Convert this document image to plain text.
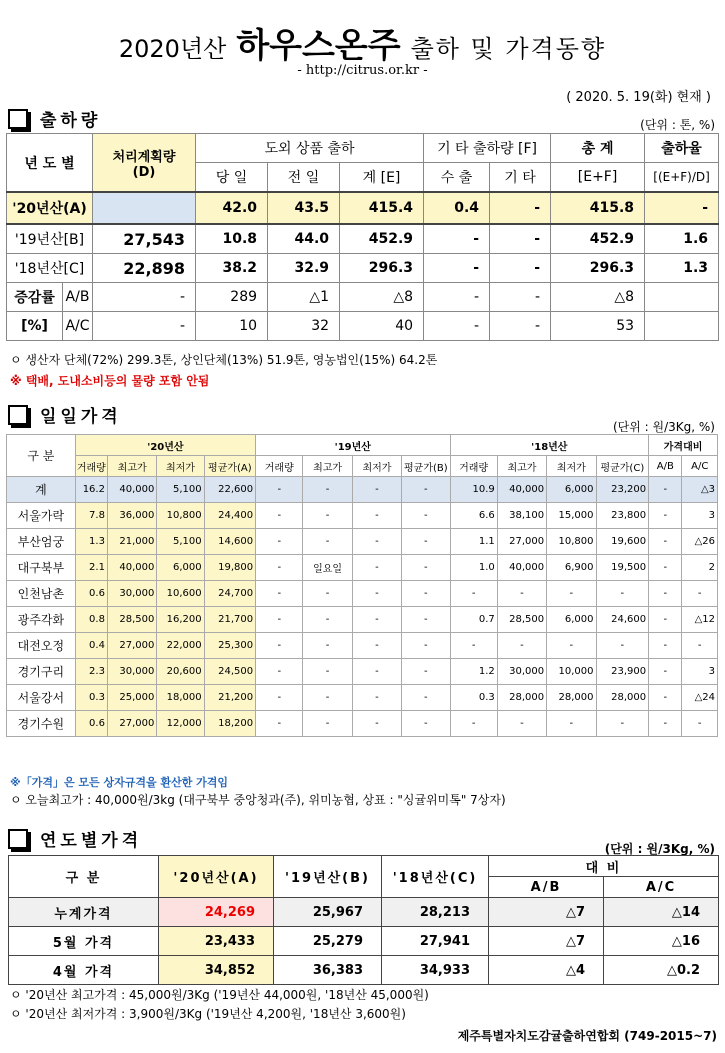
2020년산 하우스온주 출하 및 가격동향
- http://citrus.or.kr -
( 2020. 5. 19(화) 현재 )
출하량	(단위 : 톤, %)
년 도 별		처리계획량
(D)	도외 상품 출하			기 타 출하량 [F]		총 계	출하율
			당 일	전 일	계 [E]	수 출	기 타	[E+F]	[(E+F)/D]
'20년산(A)			42.0	43.5	415.4	0.4	-	415.8	-
'19년산[B]		27,543	10.8	44.0	452.9	-	-	452.9	1.6
'18년산[C]		22,898	38.2	32.9	296.3	-	-	296.3	1.3
증감률	A/B	-	289	△1	△8	-	-	△8	
[%]	A/C	-	10	32	40	-	-	53	
ㅇ 생산자 단체(72%) 299.3톤, 상인단체(13%) 51.9톤, 영농법인(15%) 64.2톤
※ 택배, 도내소비등의 물량 포함 안됨
일일가격	(단위 : 원/3Kg, %)
구 분	'20년산				'19년산				'18년산				가격대비	
	거래량	최고가	최저가	평균가(A)	거래량	최고가	최저가	평균가(B)	거래량	최고가	최저가	평균가(C)	A/B	A/C
계	16.2	40,000	5,100	22,600	-	-	-	-	10.9	40,000	6,000	23,200	-	△3
서울가락	7.8	36,000	10,800	24,400	-	-	-	-	6.6	38,100	15,000	23,800	-	3
부산엄궁	1.3	21,000	5,100	14,600	-	-	-	-	1.1	27,000	10,800	19,600	-	△26
대구북부	2.1	40,000	6,000	19,800	-	일요일	-	-	1.0	40,000	6,900	19,500	-	2
인천남촌	0.6	30,000	10,600	24,700	-	-	-	-	-	-	-	-	-	-
광주각화	0.8	28,500	16,200	21,700	-	-	-	-	0.7	28,500	6,000	24,600	-	△12
대전오정	0.4	27,000	22,000	25,300	-	-	-	-	-	-	-	-	-	-
경기구리	2.3	30,000	20,600	24,500	-	-	-	-	1.2	30,000	10,000	23,900	-	3
서울강서	0.3	25,000	18,000	21,200	-	-	-	-	0.3	28,000	28,000	28,000	-	△24
경기수원	0.6	27,000	12,000	18,200	-	-	-	-	-	-	-	-	-	-
※「가격」은 모든 상자규격을 환산한 가격임
ㅇ 오늘최고가 : 40,000원/3kg (대구북부 중앙청과(주), 위미농협, 상표 : "싱귤위미톡" 7상자)
연도별가격	(단위 : 원/3Kg, %)
구 분	'20년산(A)	'19년산(B)	'18년산(C)	대 비	
				A/B	A/C
누계가격	24,269	25,967	28,213	△7	△14
5월 가격	23,433	25,279	27,941	△7	△16
4월 가격	34,852	36,383	34,933	△4	△0.2
ㅇ '20년산 최고가격 : 45,000원/3Kg ('19년산 44,000원, '18년산 45,000원)
ㅇ '20년산 최저가격 : 3,900원/3Kg ('19년산 4,200원, '18년산 3,600원)
제주특별자치도감귤출하연합회 (749-2015~7)
